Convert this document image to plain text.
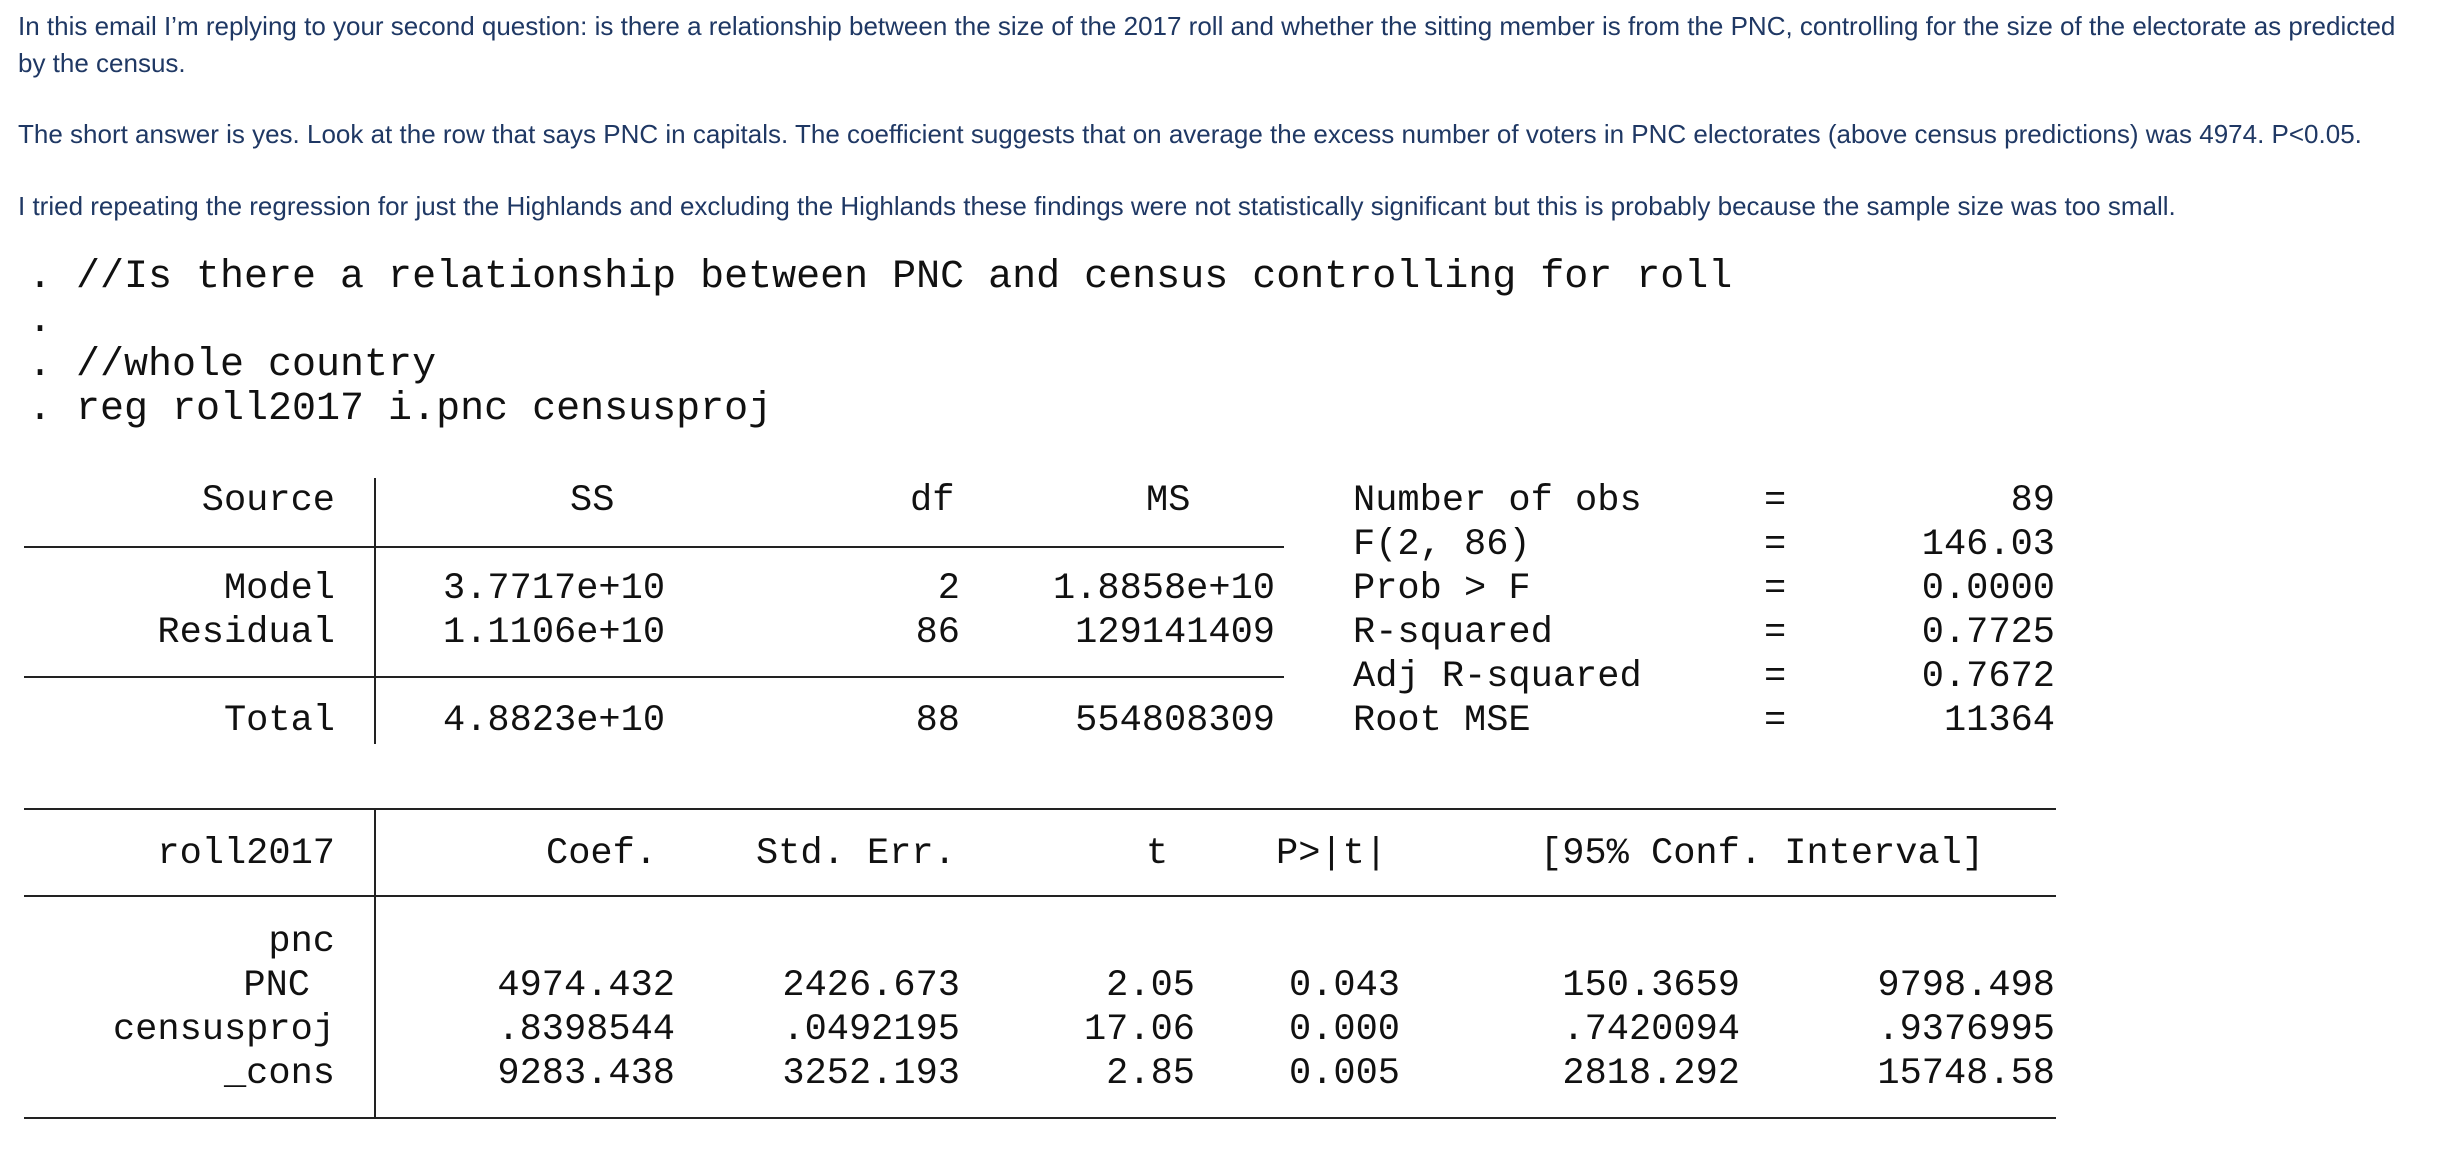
In this email I’m replying to your second question: is there a relationship between the size of the 2017 roll and whether the sitting member is from the PNC, controlling for the size of the electorate as predicted by the census.

The short answer is yes. Look at the row that says PNC in capitals. The coefficient suggests that on average the excess number of voters in PNC electorates (above census predictions) was 4974. P<0.05.

I tried repeating the regression for just the Highlands and excluding the Highlands these findings were not statistically significant but this is probably because the sample size was too small.

. //Is there a relationship between PNC and census controlling for roll
.
. //whole country
. reg roll2017 i.pnc censusproj
Source	SS	df	MS
Model	3.7717e+10	2	1.8858e+10
Residual	1.1106e+10	86	129141409
Total	4.8823e+10	88	554808309
Number of obs	=	89
F(2, 86)	=	146.03
Prob > F	=	0.0000
R-squared	=	0.7725
Adj R-squared	=	0.7672
Root MSE	=	11364
roll2017	Coef.	Std. Err.	t	P>|t|	[95% Conf. Interval]
pnc
PNC	4974.432	2426.673	2.05	0.043	150.3659	9798.498
censusproj	.8398544	.0492195	17.06	0.000	.7420094	.9376995
_cons	9283.438	3252.193	2.85	0.005	2818.292	15748.58
